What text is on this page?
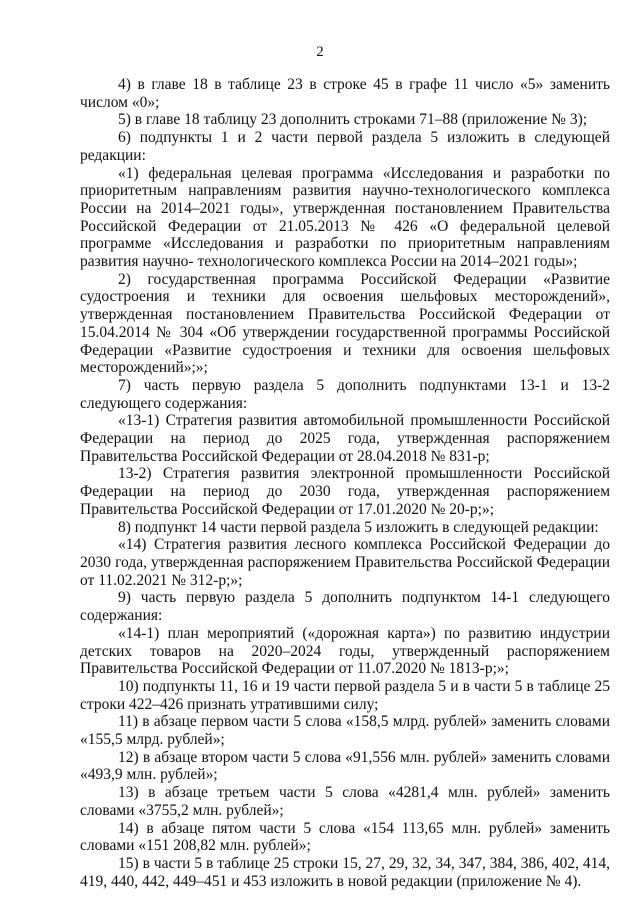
2

4) в главе 18 в таблице 23 в строке 45 в графе 11 число «5» заменить числом «0»;

5) в главе 18 таблицу 23 дополнить строками 71–88 (приложение № 3);

6) подпункты 1 и 2 части первой раздела 5 изложить в следующей редакции:

«1) федеральная целевая программа «Исследования и разработки по приоритетным направлениям развития научно-технологического комплекса России на 2014–2021 годы», утвержденная постановлением Правительства Российской Федерации от 21.05.2013 № 426 «О федеральной целевой программе «Исследования и разработки по приоритетным направлениям развития научно- технологического комплекса России на 2014–2021 годы»;

2) государственная программа Российской Федерации «Развитие судостроения и техники для освоения шельфовых месторождений», утвержденная постановлением Правительства Российской Федерации от 15.04.2014 № 304 «Об утверждении государственной программы Российской Федерации «Развитие судостроения и техники для освоения шельфовых месторождений»;»;

7) часть первую раздела 5 дополнить подпунктами 13-1 и 13-2 следующего содержания:

«13-1) Стратегия развития автомобильной промышленности Российской Федерации на период до 2025 года, утвержденная распоряжением Правительства Российской Федерации от 28.04.2018 № 831-р;

13-2) Стратегия развития электронной промышленности Российской Федерации на период до 2030 года, утвержденная распоряжением Правительства Российской Федерации от 17.01.2020 № 20-р;»;

8) подпункт 14 части первой раздела 5 изложить в следующей редакции:

«14) Стратегия развития лесного комплекса Российской Федерации до 2030 года, утвержденная распоряжением Правительства Российской Федерации от 11.02.2021 № 312-р;»;

9) часть первую раздела 5 дополнить подпунктом 14-1 следующего содержания:

«14-1) план мероприятий («дорожная карта») по развитию индустрии детских товаров на 2020–2024 годы, утвержденный распоряжением Правительства Российской Федерации от 11.07.2020 № 1813-р;»;

10) подпункты 11, 16 и 19 части первой раздела 5 и в части 5 в таблице 25 строки 422–426 признать утратившими силу;

11) в абзаце первом части 5 слова «158,5 млрд. рублей» заменить словами «155,5 млрд. рублей»;

12) в абзаце втором части 5 слова «91,556 млн. рублей» заменить словами «493,9 млн. рублей»;

13) в абзаце третьем части 5 слова «4281,4 млн. рублей» заменить словами «3755,2 млн. рублей»;

14) в абзаце пятом части 5 слова «154 113,65 млн. рублей» заменить словами «151 208,82 млн. рублей»;

15) в части 5 в таблице 25 строки 15, 27, 29, 32, 34, 347, 384, 386, 402, 414, 419, 440, 442, 449–451 и 453 изложить в новой редакции (приложение № 4).
